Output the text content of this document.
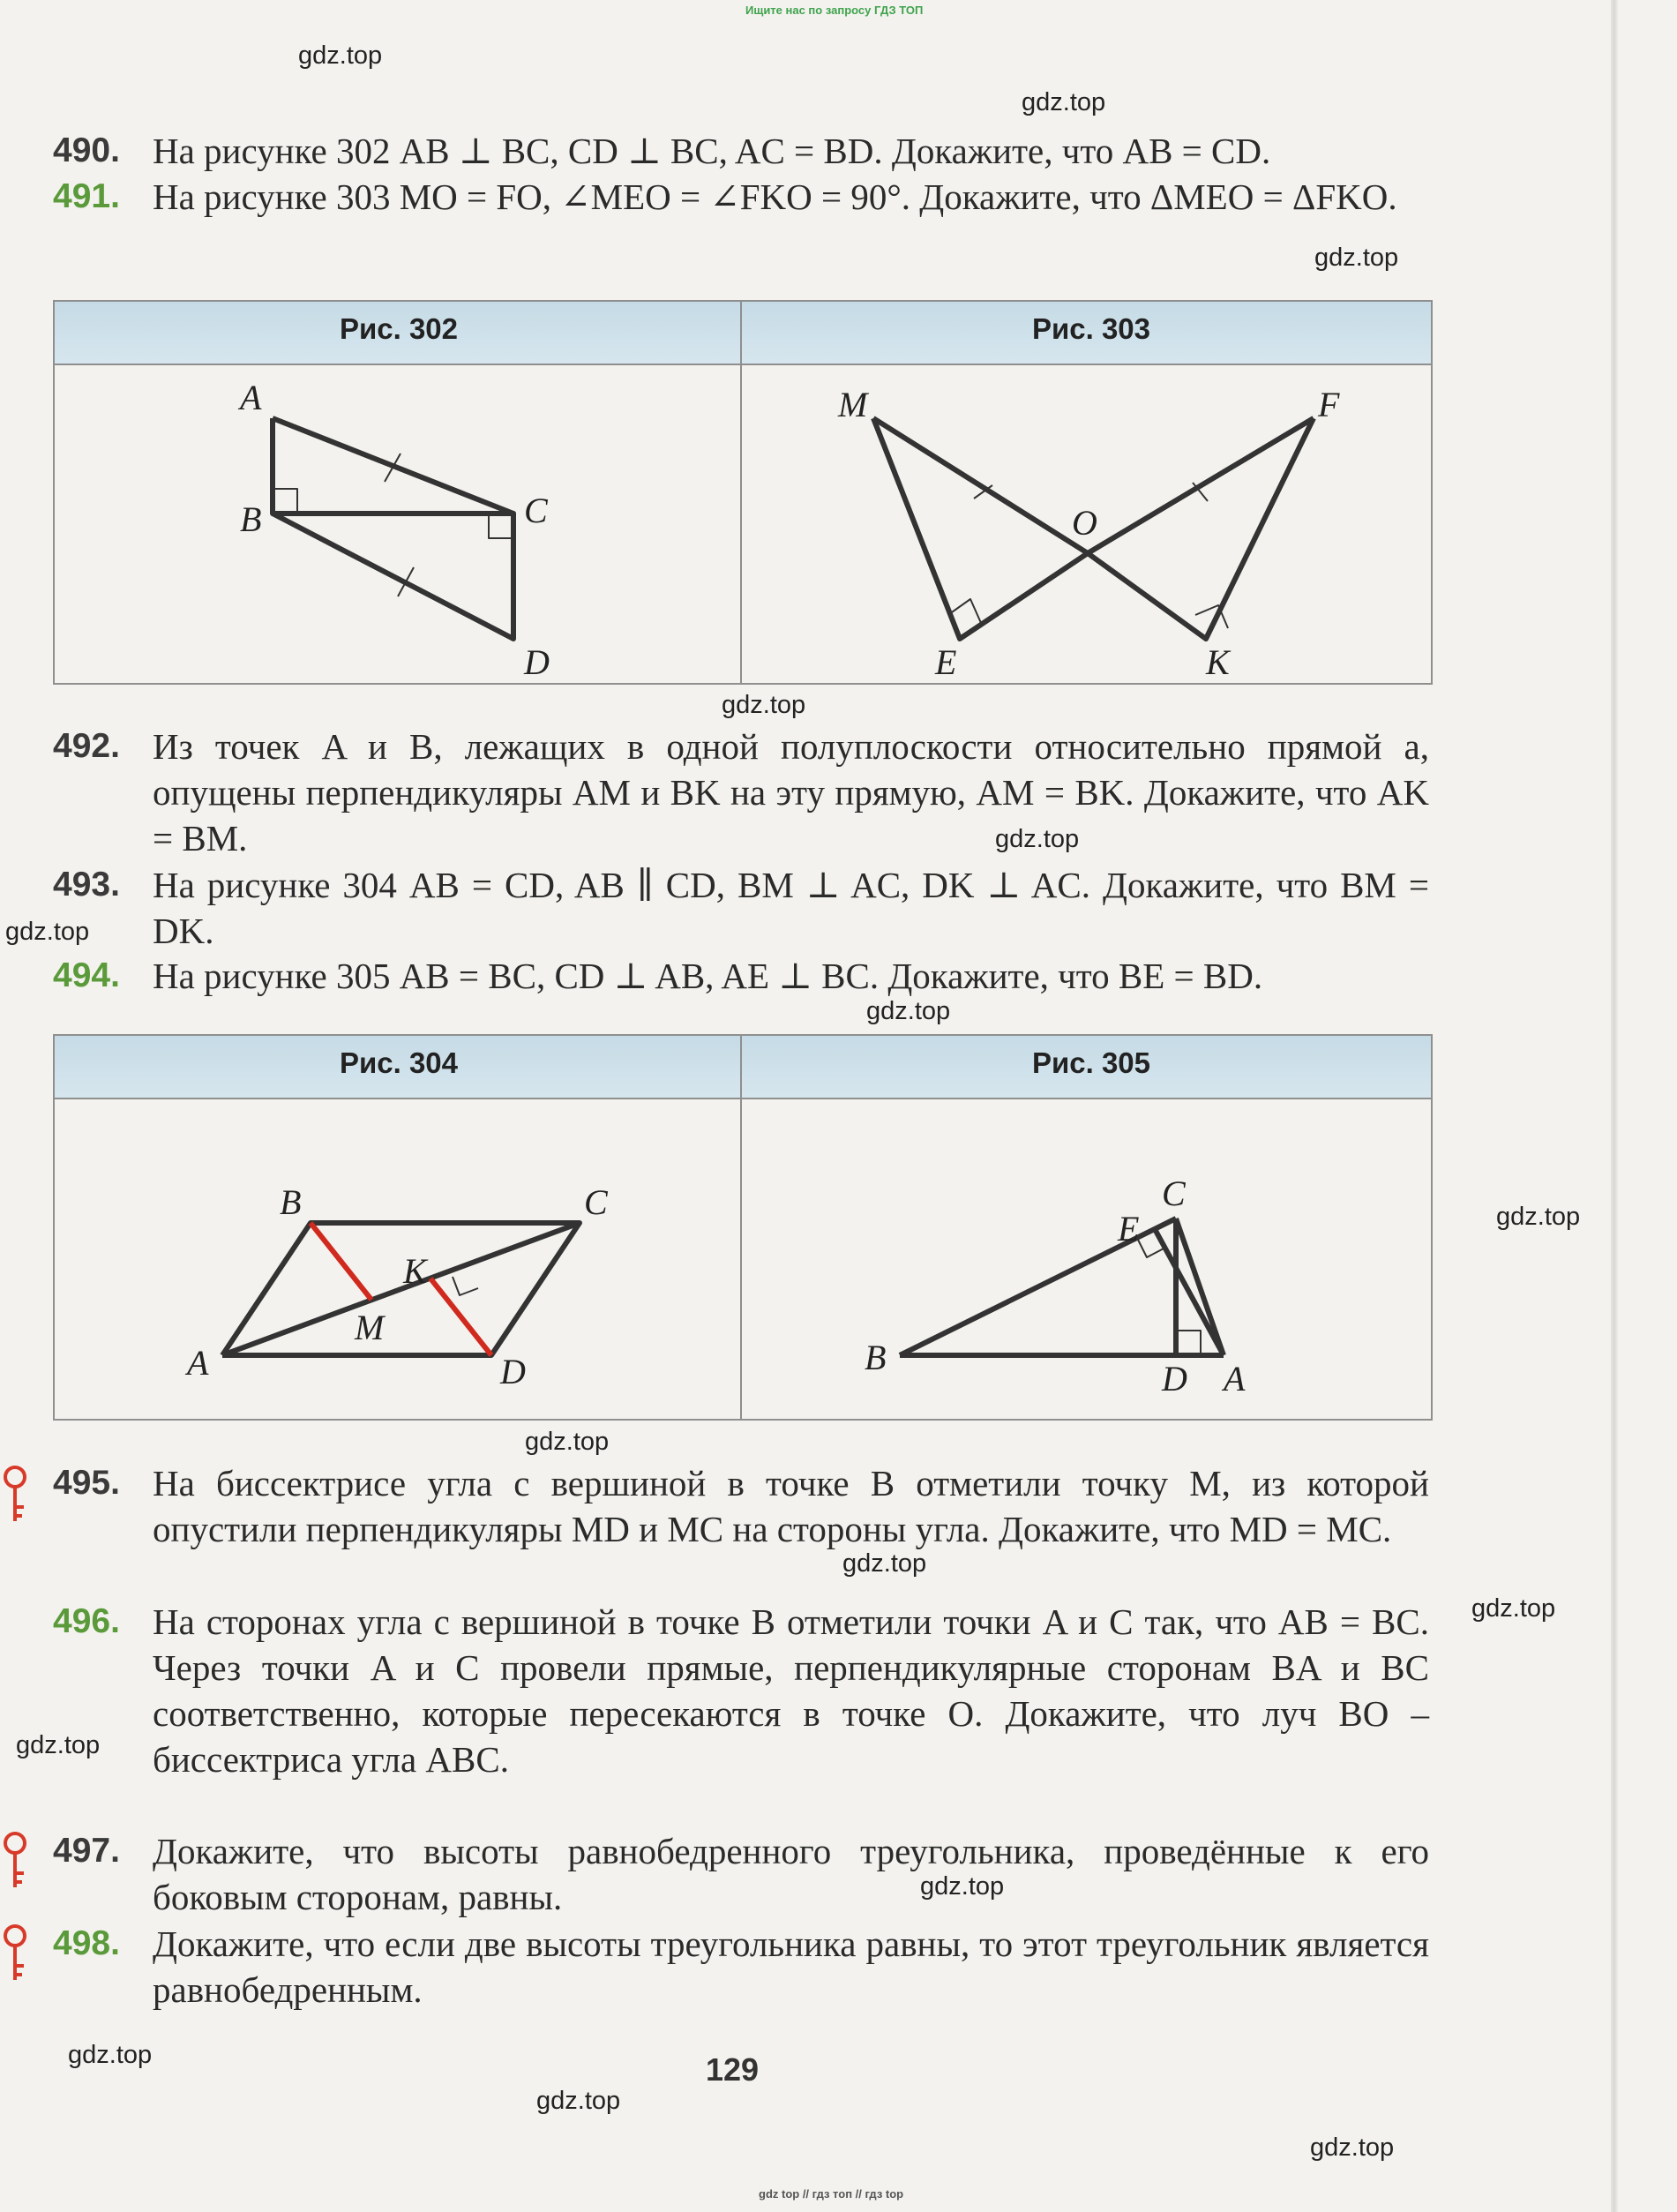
Ищите нас по запросу ГДЗ ТОП
gdz.top
gdz.top
gdz.top
gdz.top
gdz.top
gdz.top
gdz.top
gdz.top
gdz.top
gdz.top
gdz.top
gdz.top
gdz.top
gdz.top
gdz.top
gdz.top
490. На рисунке 302 AB ⊥ BC, CD ⊥ BC, AC = BD. Докажите, что AB = CD.
491. На рисунке 303 MO = FO, ∠MEO = ∠FKO = 90°. Докажите, что ΔMEO = ΔFKO.
Рис. 302	Рис. 303
A
B	C
D
M	F
O
E	K
492. Из точек A и B, лежащих в одной полуплоскости относительно прямой a, опущены перпендикуляры AM и BK на эту прямую, AM = BK. Докажите, что AK = BM.
493. На рисунке 304 AB = CD, AB ∥ CD, BM ⊥ AC, DK ⊥ AC. Докажите, что BM = DK.
494. На рисунке 305 AB = BC, CD ⊥ AB, AE ⊥ BC. Докажите, что BE = BD.
Рис. 304	Рис. 305
A
B	C
D
K
M
A
B
C
D
E
495. На биссектрисе угла с вершиной в точке B отметили точку M, из которой опустили перпендикуляры MD и MC на стороны угла. Докажите, что MD = MC.
496. На сторонах угла с вершиной в точке B отметили точки A и C так, что AB = BC. Через точки A и C провели прямые, перпендикулярные сторонам BA и BC соответственно, которые пересекаются в точке O. Докажите, что луч BO – биссектриса угла ABC.
497. Докажите, что высоты равнобедренного треугольника, проведённые к его боковым сторонам, равны.
498. Докажите, что если две высоты треугольника равны, то этот треугольник является равнобедренным.
129
gdz top // гдз топ // гдз top
